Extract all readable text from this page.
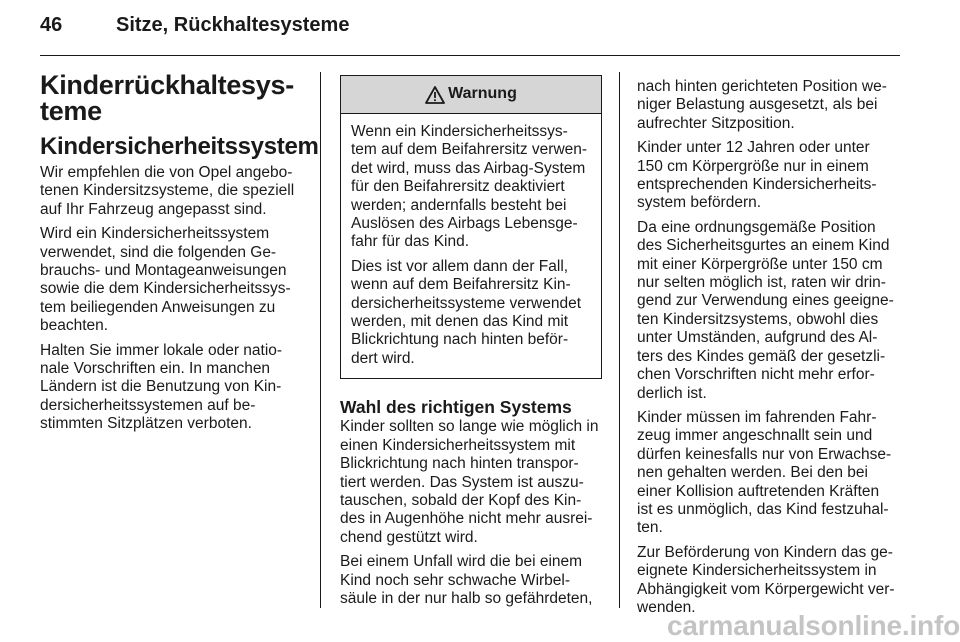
46	Sitze, Rückhaltesysteme
Kinderrückhaltesys-
teme
Kindersicherheitssystem

Wir empfehlen die von Opel angebo-
tenen Kindersitzsysteme, die speziell
auf Ihr Fahrzeug angepasst sind.

Wird ein Kindersicherheitssystem
verwendet, sind die folgenden Ge-
brauchs- und Montageanweisungen
sowie die dem Kindersicherheitssys-
tem beiliegenden Anweisungen zu
beachten.

Halten Sie immer lokale oder natio-
nale Vorschriften ein. In manchen
Ländern ist die Benutzung von Kin-
dersicherheitssystemen auf be-
stimmten Sitzplätzen verboten.

Warnung

Wenn ein Kindersicherheitssys-
tem auf dem Beifahrersitz verwen-
det wird, muss das Airbag-System
für den Beifahrersitz deaktiviert
werden; andernfalls besteht bei
Auslösen des Airbags Lebensge-
fahr für das Kind.

Dies ist vor allem dann der Fall,
wenn auf dem Beifahrersitz Kin-
dersicherheitssysteme verwendet
werden, mit denen das Kind mit
Blickrichtung nach hinten beför-
dert wird.

Wahl des richtigen Systems

Kinder sollten so lange wie möglich in
einen Kindersicherheitssystem mit
Blickrichtung nach hinten transpor-
tiert werden. Das System ist auszu-
tauschen, sobald der Kopf des Kin-
des in Augenhöhe nicht mehr ausrei-
chend gestützt wird.

Bei einem Unfall wird die bei einem
Kind noch sehr schwache Wirbel-
säule in der nur halb so gefährdeten,

nach hinten gerichteten Position we-
niger Belastung ausgesetzt, als bei
aufrechter Sitzposition.

Kinder unter 12 Jahren oder unter
150 cm Körpergröße nur in einem
entsprechenden Kindersicherheits-
system befördern.

Da eine ordnungsgemäße Position
des Sicherheitsgurtes an einem Kind
mit einer Körpergröße unter 150 cm
nur selten möglich ist, raten wir drin-
gend zur Verwendung eines geeigne-
ten Kindersitzsystems, obwohl dies
unter Umständen, aufgrund des Al-
ters des Kindes gemäß der gesetzli-
chen Vorschriften nicht mehr erfor-
derlich ist.

Kinder müssen im fahrenden Fahr-
zeug immer angeschnallt sein und
dürfen keinesfalls nur von Erwachse-
nen gehalten werden. Bei den bei
einer Kollision auftretenden Kräften
ist es unmöglich, das Kind festzuhal-
ten.

Zur Beförderung von Kindern das ge-
eignete Kindersicherheitssystem in
Abhängigkeit vom Körpergewicht ver-
wenden.

carmanualsonline.info
